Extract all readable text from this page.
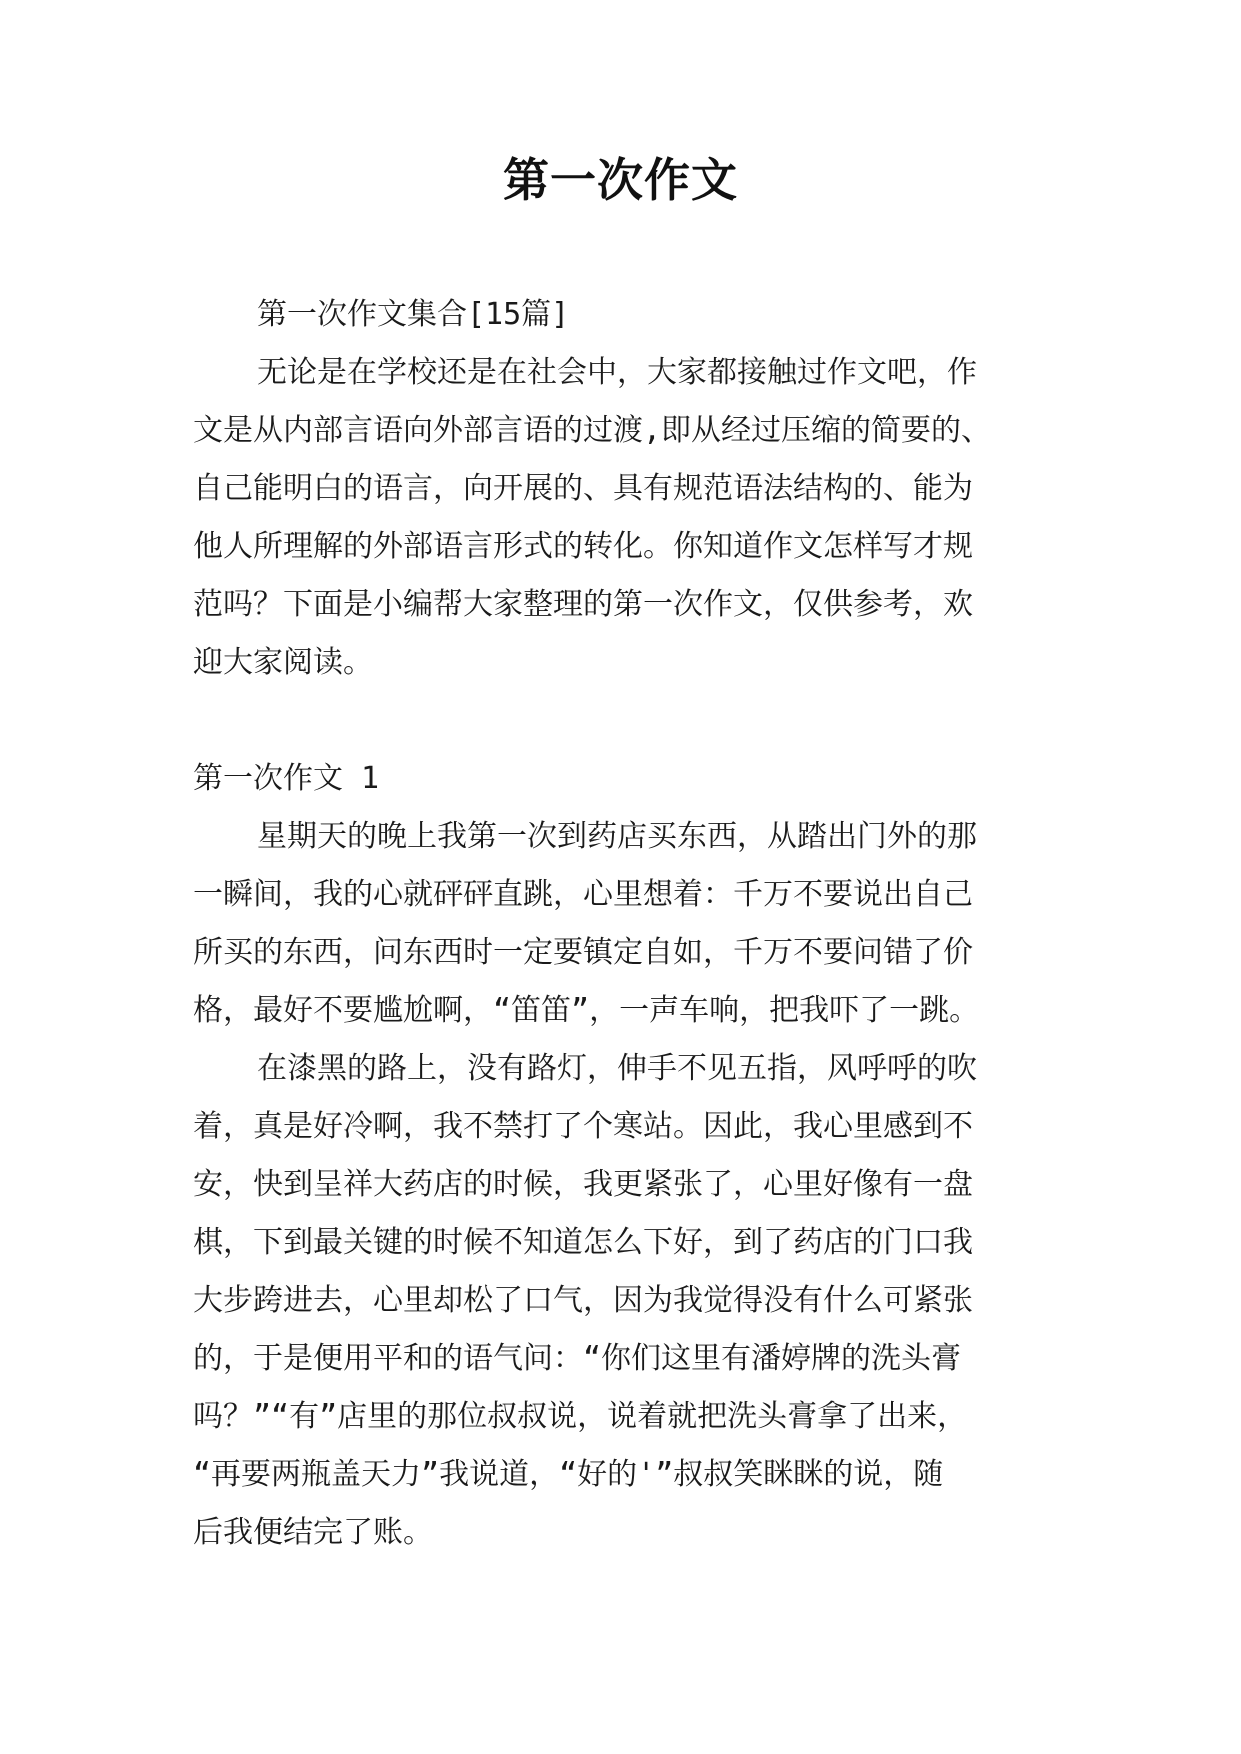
第一次作文
第一次作文集合[15篇]
无论是在学校还是在社会中，大家都接触过作文吧，作
文是从内部言语向外部言语的过渡,即从经过压缩的简要的、
自己能明白的语言，向开展的、具有规范语法结构的、能为
他人所理解的外部语言形式的转化。你知道作文怎样写才规
范吗？下面是小编帮大家整理的第一次作文，仅供参考，欢
迎大家阅读。
第一次作文 1
星期天的晚上我第一次到药店买东西，从踏出门外的那
一瞬间，我的心就砰砰直跳，心里想着：千万不要说出自己
所买的东西，问东西时一定要镇定自如，千万不要问错了价
格，最好不要尴尬啊，“笛笛”，一声车响，把我吓了一跳。
在漆黑的路上，没有路灯，伸手不见五指，风呼呼的吹
着，真是好冷啊，我不禁打了个寒站。因此，我心里感到不
安，快到呈祥大药店的时候，我更紧张了，心里好像有一盘
棋，下到最关键的时候不知道怎么下好，到了药店的门口我
大步跨进去，心里却松了口气，因为我觉得没有什么可紧张
的，于是便用平和的语气问：“你们这里有潘婷牌的洗头膏
吗？”“有”店里的那位叔叔说，说着就把洗头膏拿了出来，
“再要两瓶盖天力”我说道，“好的'”叔叔笑眯眯的说，随
后我便结完了账。
